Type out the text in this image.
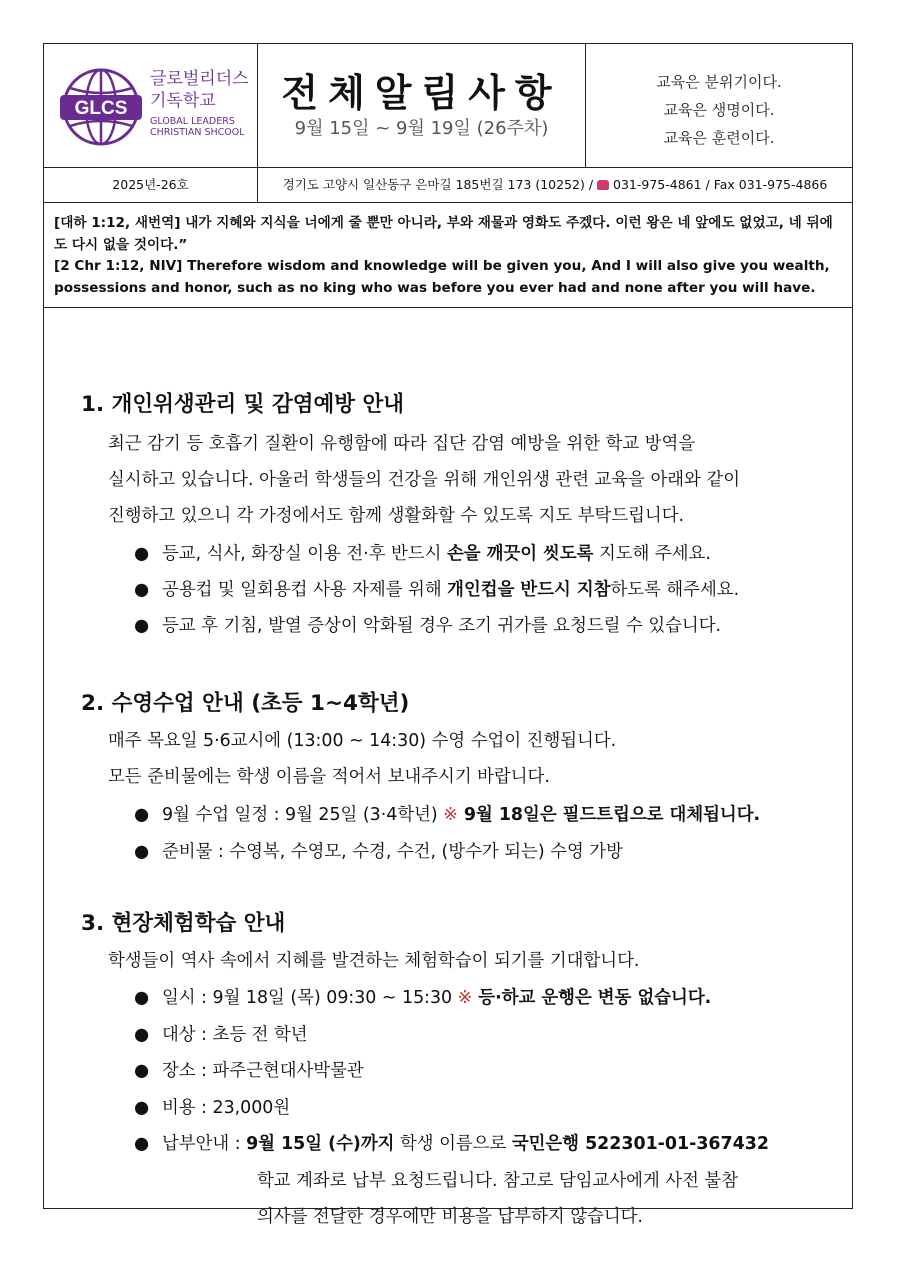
GLCS
글로벌리더스
기독학교
GLOBAL LEADERS
CHRISTIAN SHCOOL
전체알림사항
9월 15일 ~ 9월 19일 (26주차)
교육은 분위기이다.
교육은 생명이다.
교육은 훈련이다.
2025년-26호	경기도 고양시 일산동구 은마길 185번길 173 (10252) / 031-975-4861 / Fax 031-975-4866
[대하 1:12, 새번역] 내가 지혜와 지식을 너에게 줄 뿐만 아니라, 부와 재물과 영화도 주겠다. 이런 왕은 네 앞에도 없었고, 네 뒤에도 다시 없을 것이다.”
[2 Chr 1:12, NIV] Therefore wisdom and knowledge will be given you, And I will also give you wealth, possessions and honor, such as no king who was before you ever had and none after you will have.
1. 개인위생관리 및 감염예방 안내
최근 감기 등 호흡기 질환이 유행함에 따라 집단 감염 예방을 위한 학교 방역을
실시하고 있습니다. 아울러 학생들의 건강을 위해 개인위생 관련 교육을 아래와 같이
진행하고 있으니 각 가정에서도 함께 생활화할 수 있도록 지도 부탁드립니다.
● 등교, 식사, 화장실 이용 전·후 반드시 손을 깨끗이 씻도록 지도해 주세요.
● 공용컵 및 일회용컵 사용 자제를 위해 개인컵을 반드시 지참하도록 해주세요.
● 등교 후 기침, 발열 증상이 악화될 경우 조기 귀가를 요청드릴 수 있습니다.
2. 수영수업 안내 (초등 1~4학년)
매주 목요일 5·6교시에 (13:00 ~ 14:30) 수영 수업이 진행됩니다.
모든 준비물에는 학생 이름을 적어서 보내주시기 바랍니다.
● 9월 수업 일정 : 9월 25일 (3·4학년) ※ 9월 18일은 필드트립으로 대체됩니다.
● 준비물 : 수영복, 수영모, 수경, 수건, (방수가 되는) 수영 가방
3. 현장체험학습 안내
학생들이 역사 속에서 지혜를 발견하는 체험학습이 되기를 기대합니다.
● 일시 : 9월 18일 (목) 09:30 ~ 15:30 ※ 등·하교 운행은 변동 없습니다.
● 대상 : 초등 전 학년
● 장소 : 파주근현대사박물관
● 비용 : 23,000원
● 납부안내 : 9월 15일 (수)까지 학생 이름으로 국민은행 522301-01-367432
학교 계좌로 납부 요청드립니다. 참고로 담임교사에게 사전 불참
의사를 전달한 경우에만 비용을 납부하지 않습니다.
